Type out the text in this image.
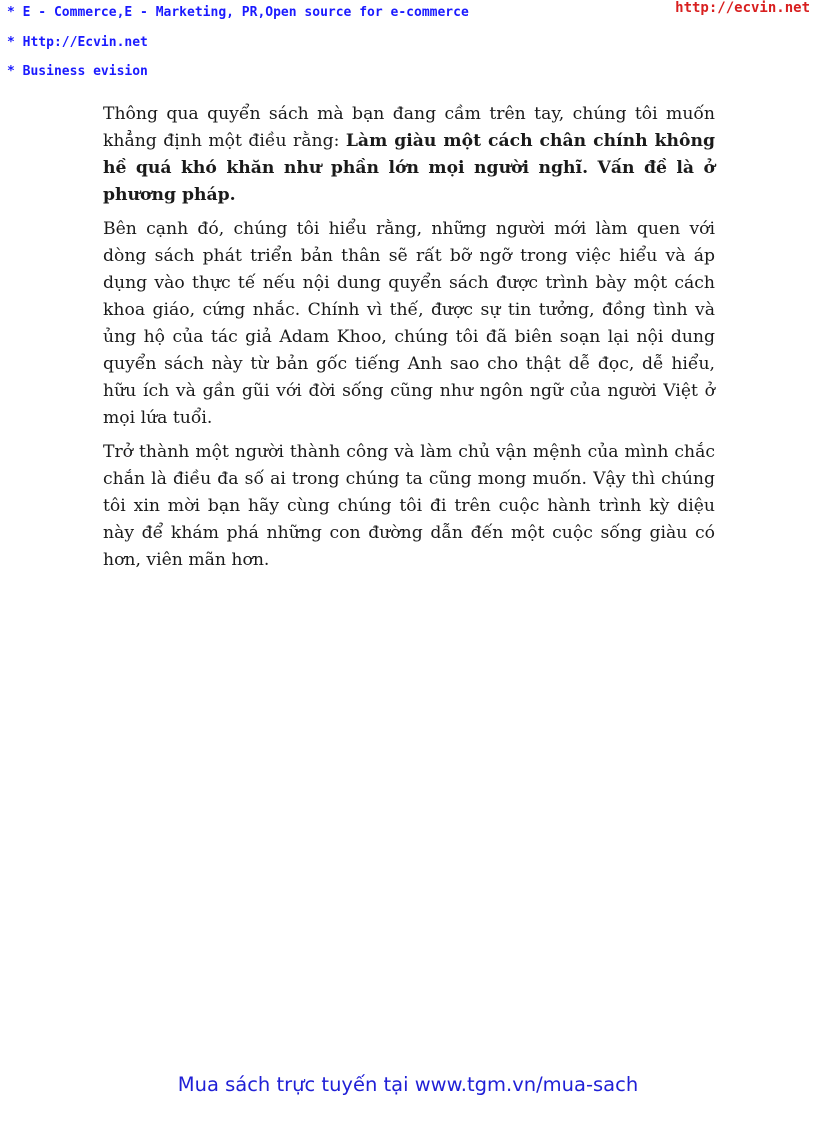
* E - Commerce,E - Marketing, PR,Open source for e-commerce
* Http://Ecvin.net
* Business evision
http://ecvin.net

Thông qua quyển sách mà bạn đang cầm trên tay, chúng tôi muốn khẳng định một điều rằng: Làm giàu một cách chân chính không hề quá khó khăn như phần lớn mọi người nghĩ. Vấn đề là ở phương pháp.

Bên cạnh đó, chúng tôi hiểu rằng, những người mới làm quen với dòng sách phát triển bản thân sẽ rất bỡ ngỡ trong việc hiểu và áp dụng vào thực tế nếu nội dung quyển sách được trình bày một cách khoa giáo, cứng nhắc. Chính vì thế, được sự tin tưởng, đồng tình và ủng hộ của tác giả Adam Khoo, chúng tôi đã biên soạn lại nội dung quyển sách này từ bản gốc tiếng Anh sao cho thật dễ đọc, dễ hiểu, hữu ích và gần gũi với đời sống cũng như ngôn ngữ của người Việt ở mọi lứa tuổi.

Trở thành một người thành công và làm chủ vận mệnh của mình chắc chắn là điều đa số ai trong chúng ta cũng mong muốn. Vậy thì chúng tôi xin mời bạn hãy cùng chúng tôi đi trên cuộc hành trình kỳ diệu này để khám phá những con đường dẫn đến một cuộc sống giàu có hơn, viên mãn hơn.

Mua sách trực tuyến tại www.tgm.vn/mua-sach
